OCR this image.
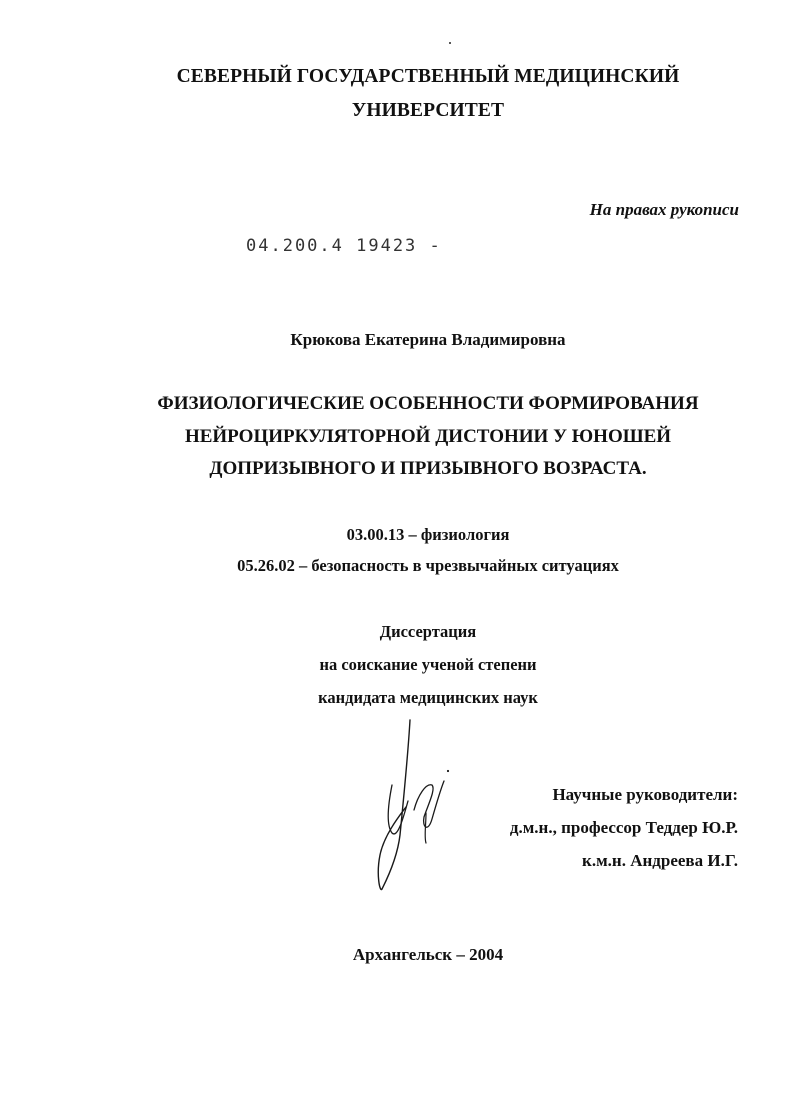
СЕВЕРНЫЙ ГОСУДАРСТВЕННЫЙ МЕДИЦИНСКИЙ
УНИВЕРСИТЕТ
На правах рукописи
04.200.4 19423 -
Крюкова Екатерина Владимировна
ФИЗИОЛОГИЧЕСКИЕ ОСОБЕННОСТИ ФОРМИРОВАНИЯ
НЕЙРОЦИРКУЛЯТОРНОЙ ДИСТОНИИ У ЮНОШЕЙ
ДОПРИЗЫВНОГО И ПРИЗЫВНОГО ВОЗРАСТА.
03.00.13 – физиология
05.26.02 – безопасность в чрезвычайных ситуациях
Диссертация
на соискание ученой степени
кандидата медицинских наук
Научные руководители:
д.м.н., профессор Теддер Ю.Р.
к.м.н. Андреева И.Г.
Архангельск – 2004
